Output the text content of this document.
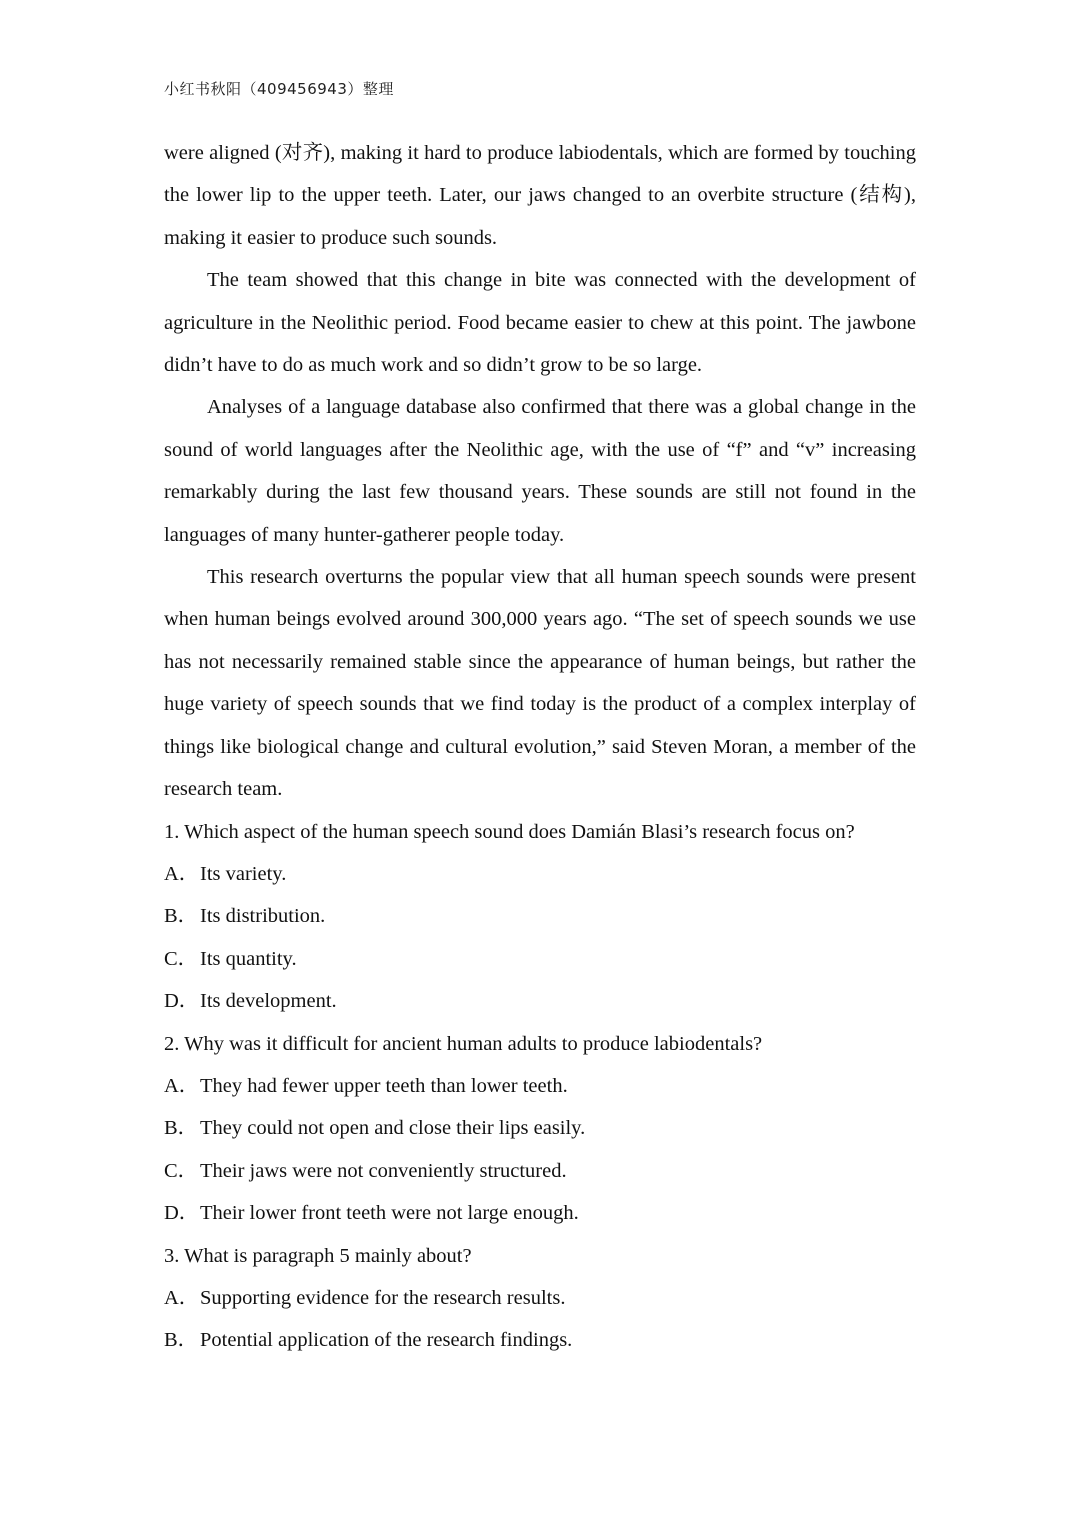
小红书秋阳（409456943）整理

were aligned (对齐), making it hard to produce labiodentals, which are formed by touching the lower lip to the upper teeth. Later, our jaws changed to an overbite structure (结构), making it easier to produce such sounds.

The team showed that this change in bite was connected with the development of agriculture in the Neolithic period. Food became easier to chew at this point. The jawbone didn’t have to do as much work and so didn’t grow to be so large.

Analyses of a language database also confirmed that there was a global change in the sound of world languages after the Neolithic age, with the use of “f” and “v” increasing remarkably during the last few thousand years. These sounds are still not found in the languages of many hunter-gatherer people today.

This research overturns the popular view that all human speech sounds were present when human beings evolved around 300,000 years ago. “The set of speech sounds we use has not necessarily remained stable since the appearance of human beings, but rather the huge variety of speech sounds that we find today is the product of a complex interplay of things like biological change and cultural evolution,” said Steven Moran, a member of the research team.

1. Which aspect of the human speech sound does Damián Blasi’s research focus on?

A．Its variety.

B．Its distribution.

C．Its quantity.

D．Its development.

2. Why was it difficult for ancient human adults to produce labiodentals?

A．They had fewer upper teeth than lower teeth.

B．They could not open and close their lips easily.

C．Their jaws were not conveniently structured.

D．Their lower front teeth were not large enough.

3. What is paragraph 5 mainly about?

A．Supporting evidence for the research results.

B．Potential application of the research findings.
